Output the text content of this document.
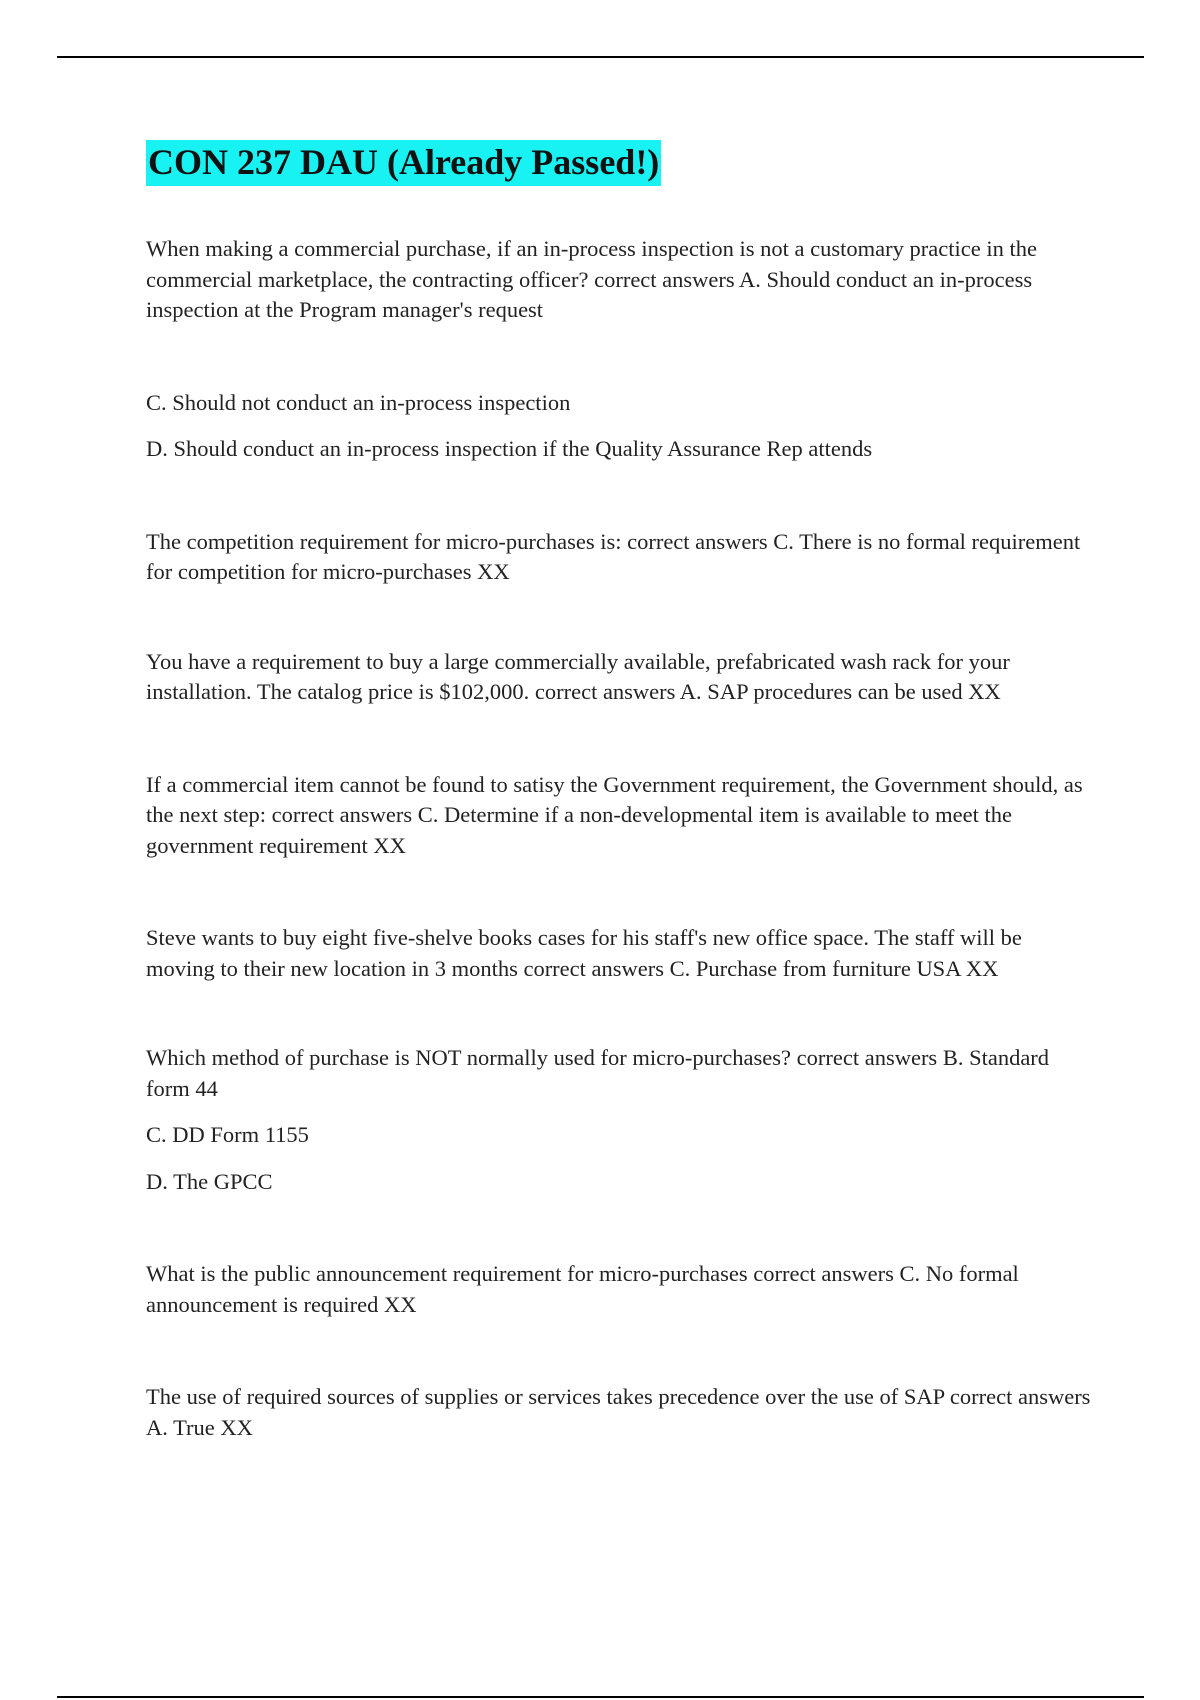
CON 237 DAU (Already Passed!)

When making a commercial purchase, if an in-process inspection is not a customary practice in the commercial marketplace, the contracting officer? correct answers A. Should conduct an in-process inspection at the Program manager's request

C. Should not conduct an in-process inspection

D. Should conduct an in-process inspection if the Quality Assurance Rep attends

The competition requirement for micro-purchases is: correct answers C. There is no formal requirement for competition for micro-purchases XX

You have a requirement to buy a large commercially available, prefabricated wash rack for your installation. The catalog price is $102,000. correct answers A. SAP procedures can be used XX

If a commercial item cannot be found to satisy the Government requirement, the Government should, as the next step: correct answers C. Determine if a non-developmental item is available to meet the government requirement XX

Steve wants to buy eight five-shelve books cases for his staff's new office space. The staff will be moving to their new location in 3 months correct answers C. Purchase from furniture USA XX

Which method of purchase is NOT normally used for micro-purchases? correct answers B. Standard form 44

C. DD Form 1155

D. The GPCC

What is the public announcement requirement for micro-purchases correct answers C. No formal announcement is required XX

The use of required sources of supplies or services takes precedence over the use of SAP correct answers A. True XX
